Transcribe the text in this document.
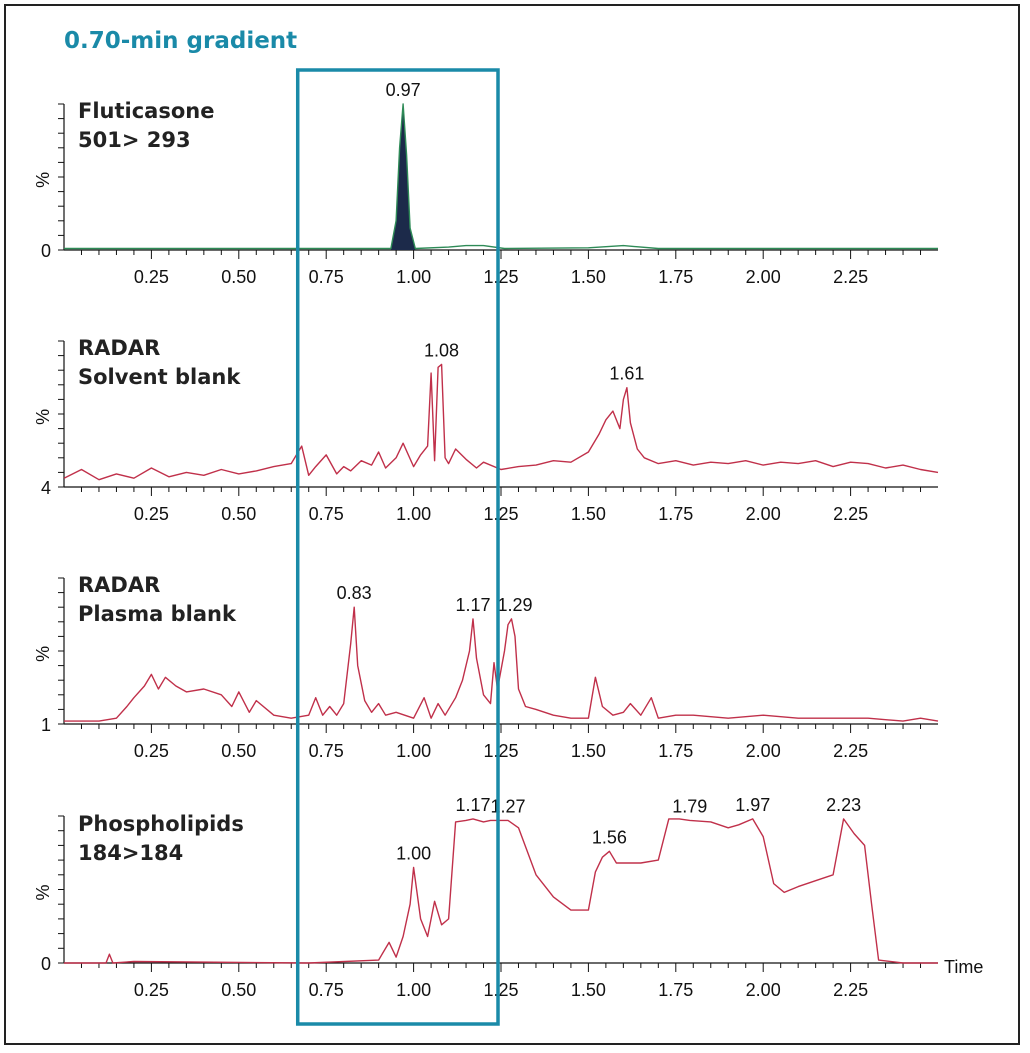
0.70-min gradient
0.25	0.50	0.75	1.00	1.25	1.50	1.75	2.00	2.25
0
%
Fluticasone
501> 293
0.97
0.25	0.50	0.75	1.00	1.25	1.50	1.75	2.00	2.25
4
%
RADAR
Solvent blank
1.08
1.61
0.25	0.50	0.75	1.00	1.25	1.50	1.75	2.00	2.25
1
%
RADAR
Plasma blank
0.83
1.17 1.29
0.25	0.50	0.75	1.00	1.25	1.50	1.75	2.00	2.25
0
%
Phospholipids
184>184	1.00
1.17 1.27
1.56
1.79 1.97	2.23
Time
